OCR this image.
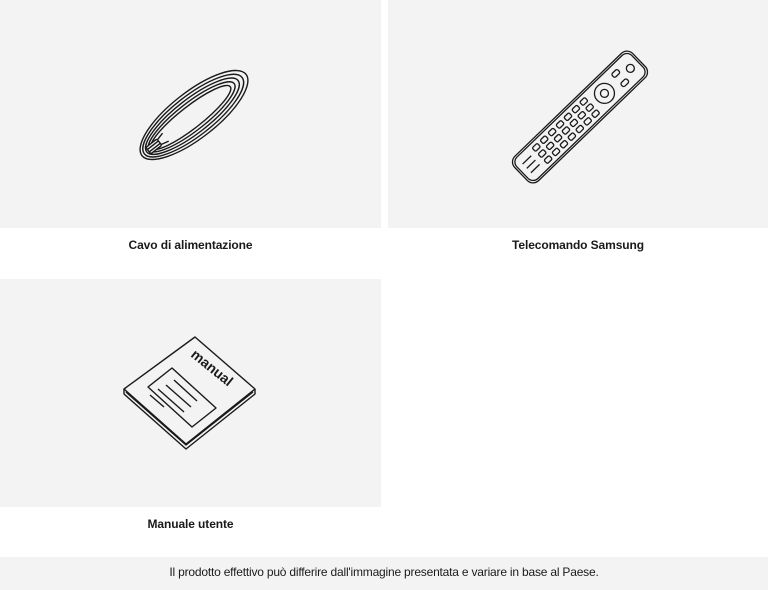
Cavo di alimentazione	Telecomando Samsung
manual
Manuale utente
Il prodotto effettivo può differire dall'immagine presentata e variare in base al Paese.
